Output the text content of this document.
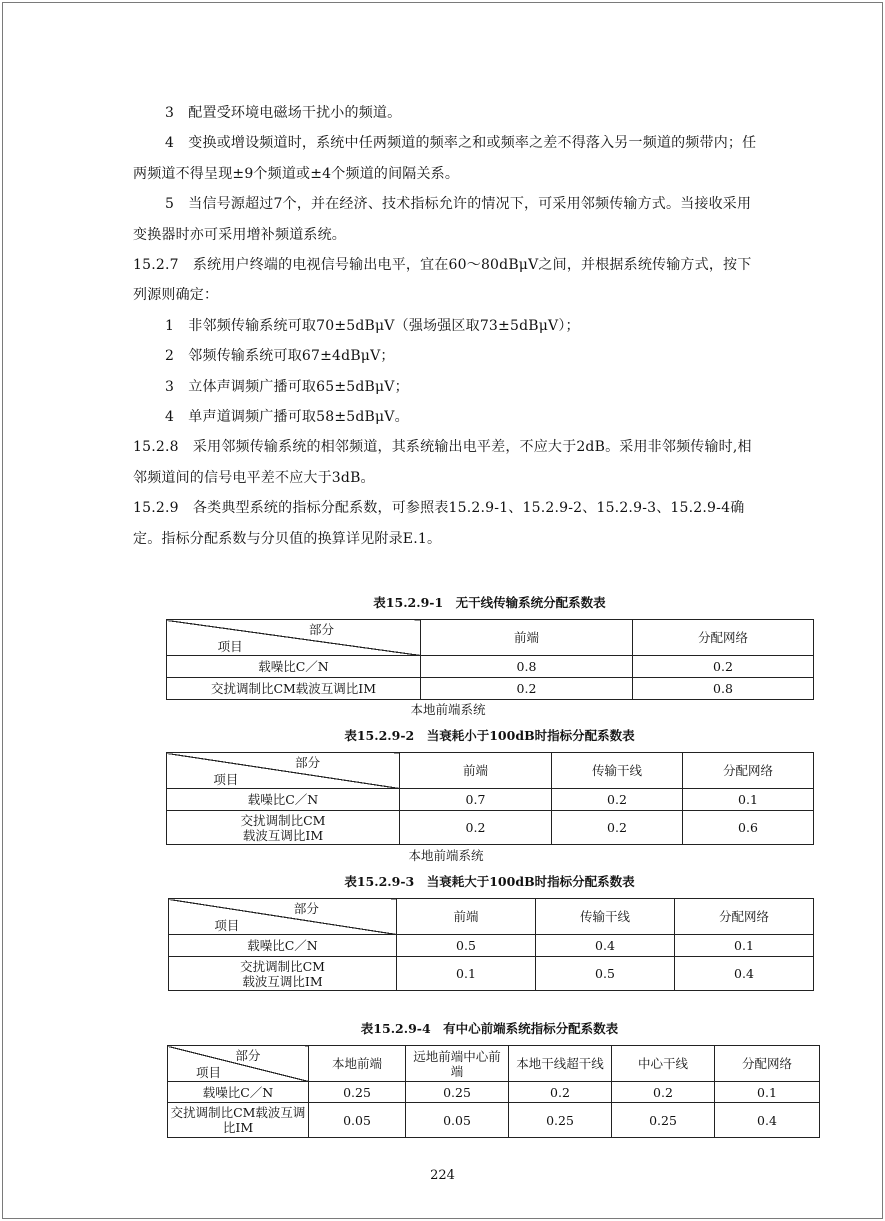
3　配置受环境电磁场干扰小的频道。

4　变换或增设频道时，系统中任两频道的频率之和或频率之差不得落入另一频道的频带内；任两频道不得呈现±9个频道或±4个频道的间隔关系。

5　当信号源超过7个，并在经济、技术指标允许的情况下，可采用邻频传输方式。当接收采用变换器时亦可采用增补频道系统。

15.2.7　系统用户终端的电视信号输出电平，宜在60～80dBμV之间，并根据系统传输方式，按下列源则确定：

1　非邻频传输系统可取70±5dBμV（强场强区取73±5dBμV）；

2　邻频传输系统可取67±4dBμV；

3　立体声调频广播可取65±5dBμV；

4　单声道调频广播可取58±5dBμV。

15.2.8　采用邻频传输系统的相邻频道，其系统输出电平差，不应大于2dB。采用非邻频传输时,相邻频道间的信号电平差不应大于3dB。

15.2.9　各类典型系统的指标分配系数，可参照表15.2.9-1、15.2.9-2、15.2.9-3、15.2.9-4确定。指标分配系数与分贝值的换算详见附录E.1。

表15.2.9-1　无干线传输系统分配系数表
部分
项目	前端	分配网络
载噪比C／N	0.8	0.2
交扰调制比CM载波互调比IM	0.2	0.8
本地前端系统
表15.2.9-2　当衰耗小于100dB时指标分配系数表
部分
项目	前端	传输干线	分配网络
载噪比C／N	0.7	0.2	0.1

交扰调制比CM
载波互调比IM	0.2	0.2	0.6
本地前端系统
表15.2.9-3　当衰耗大于100dB时指标分配系数表
部分
项目	前端	传输干线	分配网络
载噪比C／N	0.5	0.4	0.1

交扰调制比CM
载波互调比IM	0.1	0.5	0.4
表15.2.9-4　有中心前端系统指标分配系数表
部分
项目	本地前端	远地前端中心前端	本地干线超干线	中心干线	分配网络
载噪比C／N	0.25	0.25	0.2	0.2	0.1
交扰调制比CM载波互调比IM	0.05	0.05	0.25	0.25	0.4
224
